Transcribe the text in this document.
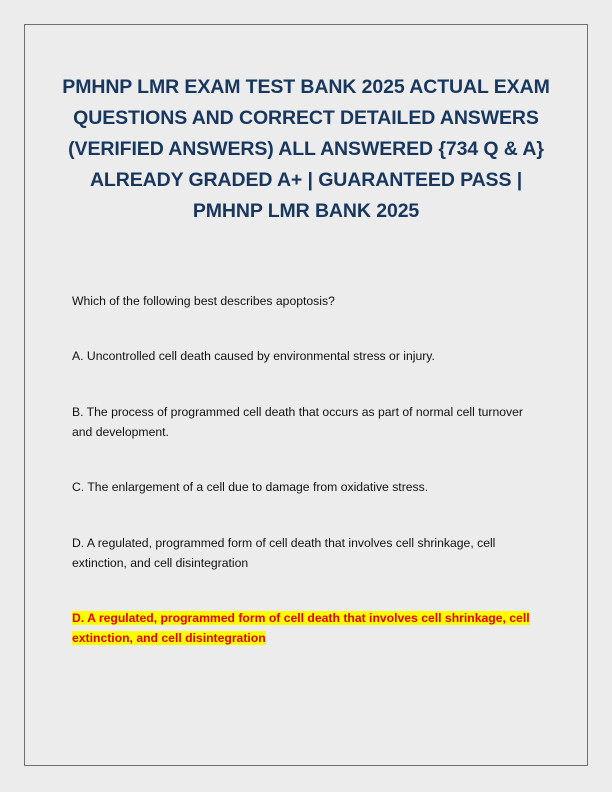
PMHNP LMR EXAM TEST BANK 2025 ACTUAL EXAM QUESTIONS AND CORRECT DETAILED ANSWERS (VERIFIED ANSWERS) ALL ANSWERED {734 Q & A} ALREADY GRADED A+ | GUARANTEED PASS | PMHNP LMR BANK 2025

Which of the following best describes apoptosis?

A. Uncontrolled cell death caused by environmental stress or injury.

B. The process of programmed cell death that occurs as part of normal cell turnover and development.

C. The enlargement of a cell due to damage from oxidative stress.

D. A regulated, programmed form of cell death that involves cell shrinkage, cell extinction, and cell disintegration

D. A regulated, programmed form of cell death that involves cell shrinkage, cell extinction, and cell disintegration
